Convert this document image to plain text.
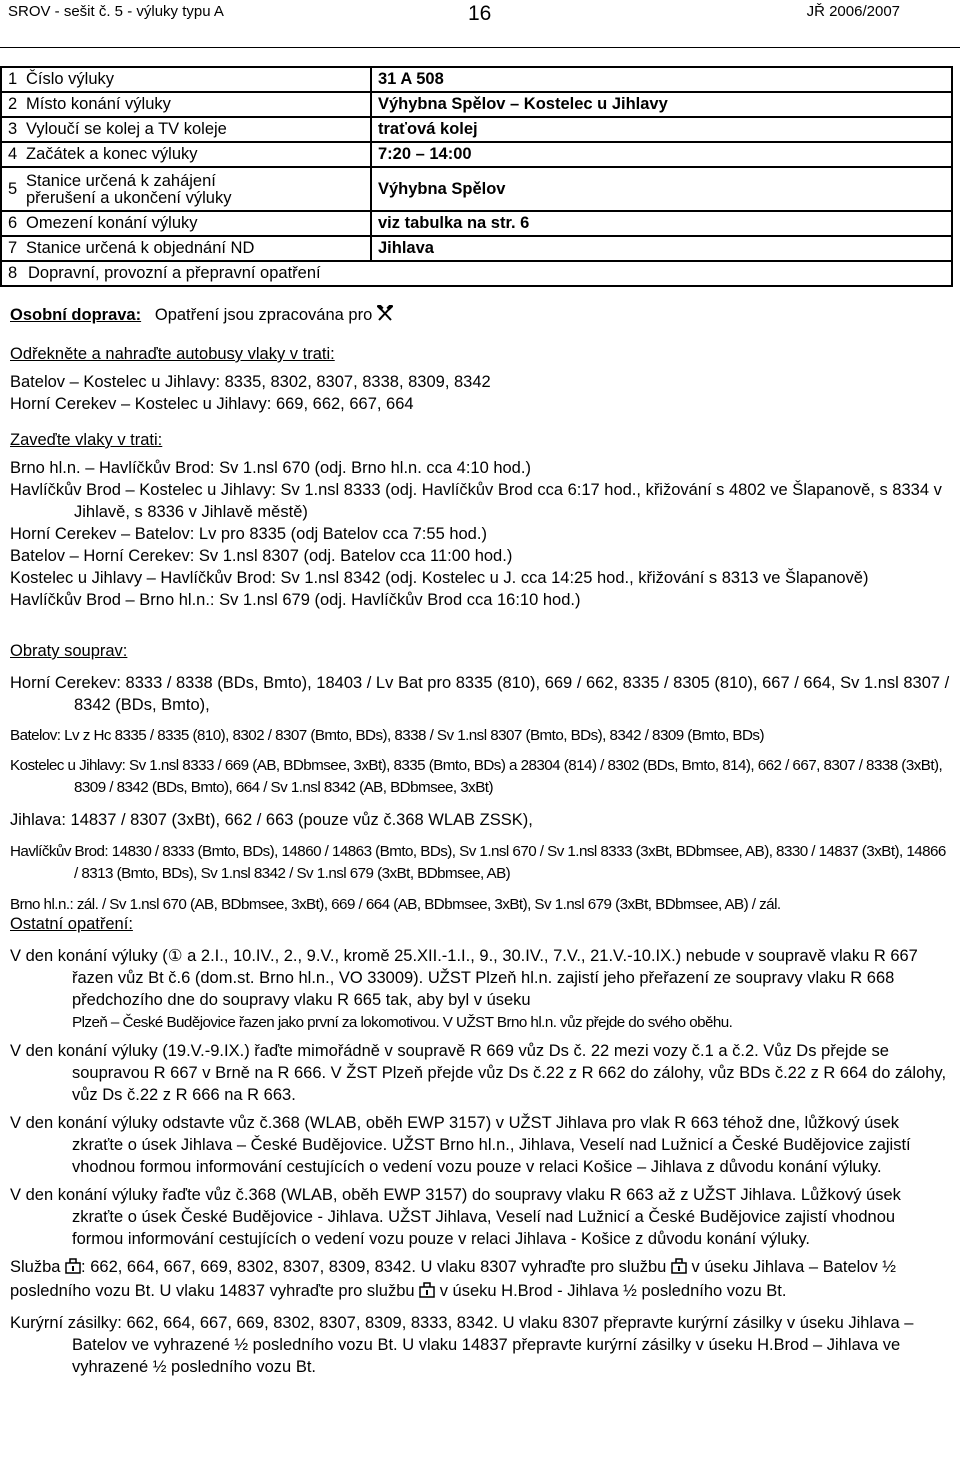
SROV - sešit č. 5 - výluky typu A	16	JŘ 2006/2007
1	Číslo výluky	31 A 508
2	Místo konání výluky	Výhybna Spělov – Kostelec u Jihlavy
3	Vyloučí se kolej a TV koleje	traťová kolej
4	Začátek a konec výluky	7:20 – 14:00
5	Stanice určená k zahájení
přerušení a ukončení výluky	Výhybna Spělov
6	Omezení konání výluky	viz tabulka na str. 6
7	Stanice určená k objednání ND	Jihlava
8	Dopravní, provozní a přepravní opatření	

Osobní doprava: Opatření jsou zpracována pro

Odřekněte a nahraďte autobusy vlaky v trati:

Batelov – Kostelec u Jihlavy: 8335, 8302, 8307, 8338, 8309, 8342

Horní Cerekev – Kostelec u Jihlavy: 669, 662, 667, 664

Zaveďte vlaky v trati:

Brno hl.n. – Havlíčkův Brod: Sv 1.nsl 670 (odj. Brno hl.n. cca 4:10 hod.)

Havlíčkův Brod – Kostelec u Jihlavy: Sv 1.nsl 8333 (odj. Havlíčkův Brod cca 6:17 hod., křižování s 4802 ve Šlapanově, s 8334 v Jihlavě, s 8336 v Jihlavě městě)

Horní Cerekev – Batelov: Lv pro 8335 (odj Batelov cca 7:55 hod.)

Batelov – Horní Cerekev: Sv 1.nsl 8307 (odj. Batelov cca 11:00 hod.)

Kostelec u Jihlavy – Havlíčkův Brod: Sv 1.nsl 8342 (odj. Kostelec u J. cca 14:25 hod., křižování s 8313 ve Šlapanově)

Havlíčkův Brod – Brno hl.n.: Sv 1.nsl 679 (odj. Havlíčkův Brod cca 16:10 hod.)

Obraty souprav:

Horní Cerekev: 8333 / 8338 (BDs, Bmto), 18403 / Lv Bat pro 8335 (810), 669 / 662, 8335 / 8305 (810), 667 / 664, Sv 1.nsl 8307 / 8342 (BDs, Bmto),

Batelov: Lv z Hc 8335 / 8335 (810), 8302 / 8307 (Bmto, BDs), 8338 / Sv 1.nsl 8307 (Bmto, BDs), 8342 / 8309 (Bmto, BDs)

Kostelec u Jihlavy: Sv 1.nsl 8333 / 669 (AB, BDbmsee, 3xBt), 8335 (Bmto, BDs) a 28304 (814) / 8302 (BDs, Bmto, 814), 662 / 667, 8307 / 8338 (3xBt), 8309 / 8342 (BDs, Bmto), 664 / Sv 1.nsl 8342 (AB, BDbmsee, 3xBt)

Jihlava: 14837 / 8307 (3xBt), 662 / 663 (pouze vůz č.368 WLAB ZSSK),

Havlíčkův Brod: 14830 / 8333 (Bmto, BDs), 14860 / 14863 (Bmto, BDs), Sv 1.nsl 670 / Sv 1.nsl 8333 (3xBt, BDbmsee, AB), 8330 / 14837 (3xBt), 14866 / 8313 (Bmto, BDs), Sv 1.nsl 8342 / Sv 1.nsl 679 (3xBt, BDbmsee, AB)

Brno hl.n.: zál. / Sv 1.nsl 670 (AB, BDbmsee, 3xBt), 669 / 664 (AB, BDbmsee, 3xBt), Sv 1.nsl 679 (3xBt, BDbmsee, AB) / zál.

Ostatní opatření:

V den konání výluky (① a 2.I., 10.IV., 2., 9.V., kromě 25.XII.-1.I., 9., 30.IV., 7.V., 21.V.-10.IX.) nebude v soupravě vlaku R 667 řazen vůz Bt č.6 (dom.st. Brno hl.n., VO 33009). UŽST Plzeň hl.n. zajistí jeho přeřazení ze soupravy vlaku R 668 předchozího dne do soupravy vlaku R 665 tak, aby byl v úseku
Plzeň – České Budějovice řazen jako první za lokomotivou. V UŽST Brno hl.n. vůz přejde do svého oběhu.

V den konání výluky (19.V.-9.IX.) řaďte mimořádně v soupravě R 669 vůz Ds č. 22 mezi vozy č.1 a č.2. Vůz Ds přejde se soupravou R 667 v Brně na R 666. V ŽST Plzeň přejde vůz Ds č.22 z R 662 do zálohy, vůz BDs č.22 z R 664 do zálohy, vůz Ds č.22 z R 666 na R 663.

V den konání výluky odstavte vůz č.368 (WLAB, oběh EWP 3157) v UŽST Jihlava pro vlak R 663 téhož dne, lůžkový úsek zkraťte o úsek Jihlava – České Budějovice. UŽST Brno hl.n., Jihlava, Veselí nad Lužnicí a České Budějovice zajistí vhodnou formou informování cestujících o vedení vozu pouze v relaci Košice – Jihlava z důvodu konání výluky.

V den konání výluky řaďte vůz č.368 (WLAB, oběh EWP 3157) do soupravy vlaku R 663 až z UŽST Jihlava. Lůžkový úsek zkraťte o úsek České Budějovice - Jihlava. UŽST Jihlava, Veselí nad Lužnicí a České Budějovice zajistí vhodnou formou informování cestujících o vedení vozu pouze v relaci Jihlava - Košice z důvodu konání výluky.

Služba : 662, 664, 667, 669, 8302, 8307, 8309, 8342. U vlaku 8307 vyhraďte pro službu  v úseku Jihlava – Batelov ½ posledního vozu Bt. U vlaku 14837 vyhraďte pro službu  v úseku H.Brod - Jihlava ½ posledního vozu Bt.

Kurýrní zásilky: 662, 664, 667, 669, 8302, 8307, 8309, 8333, 8342. U vlaku 8307 přepravte kurýrní zásilky v úseku Jihlava – Batelov ve vyhrazené ½ posledního vozu Bt. U vlaku 14837 přepravte kurýrní zásilky v úseku H.Brod – Jihlava ve vyhrazené ½ posledního vozu Bt.
